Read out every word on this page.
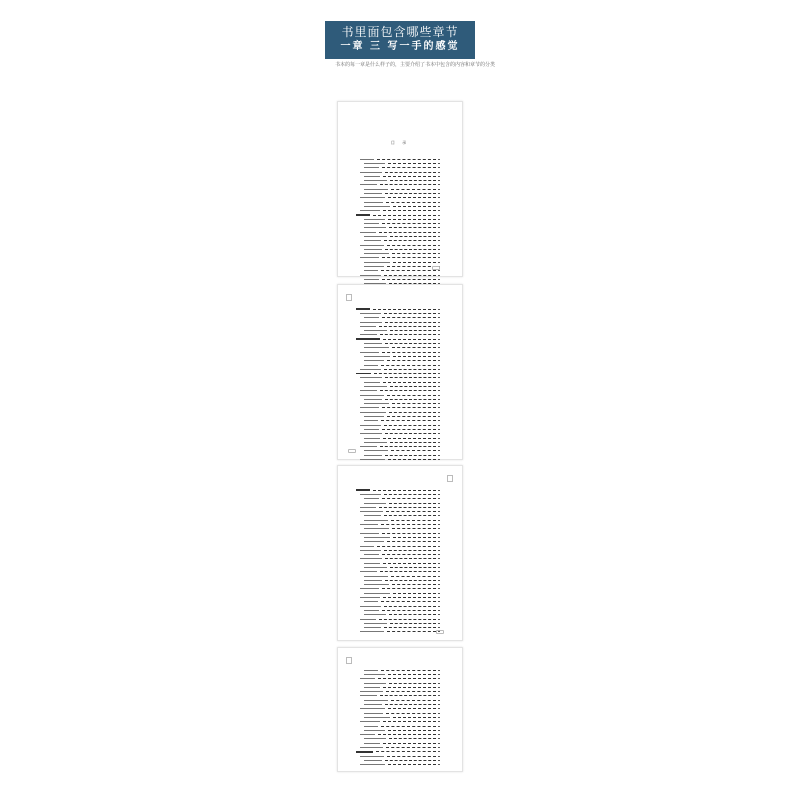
书里面包含哪些章节
一章 三 写一手的感觉
书本的每一章是什么样子的，主要介绍了书本中包含的内容和章节的分类
目 录
